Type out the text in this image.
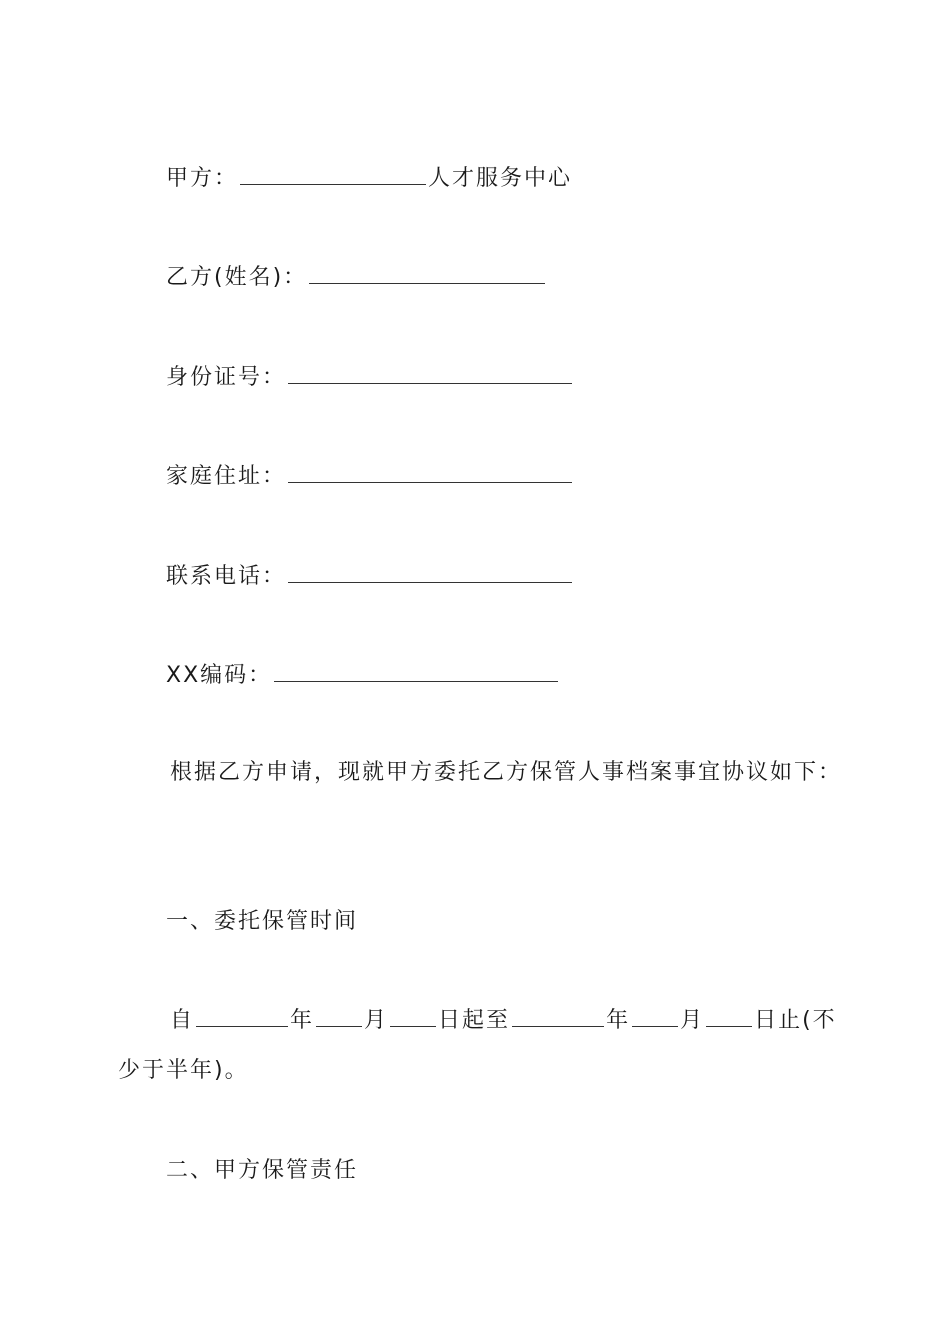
甲方：	人才服务中心
乙方(姓名)：
身份证号：
家庭住址：
联系电话：
XX编码：
根据乙方申请，现就甲方委托乙方保管人事档案事宜协议如下：
一、委托保管时间
自	年 月 日起至	年 月 日止(不少于半年)。
二、甲方保管责任
